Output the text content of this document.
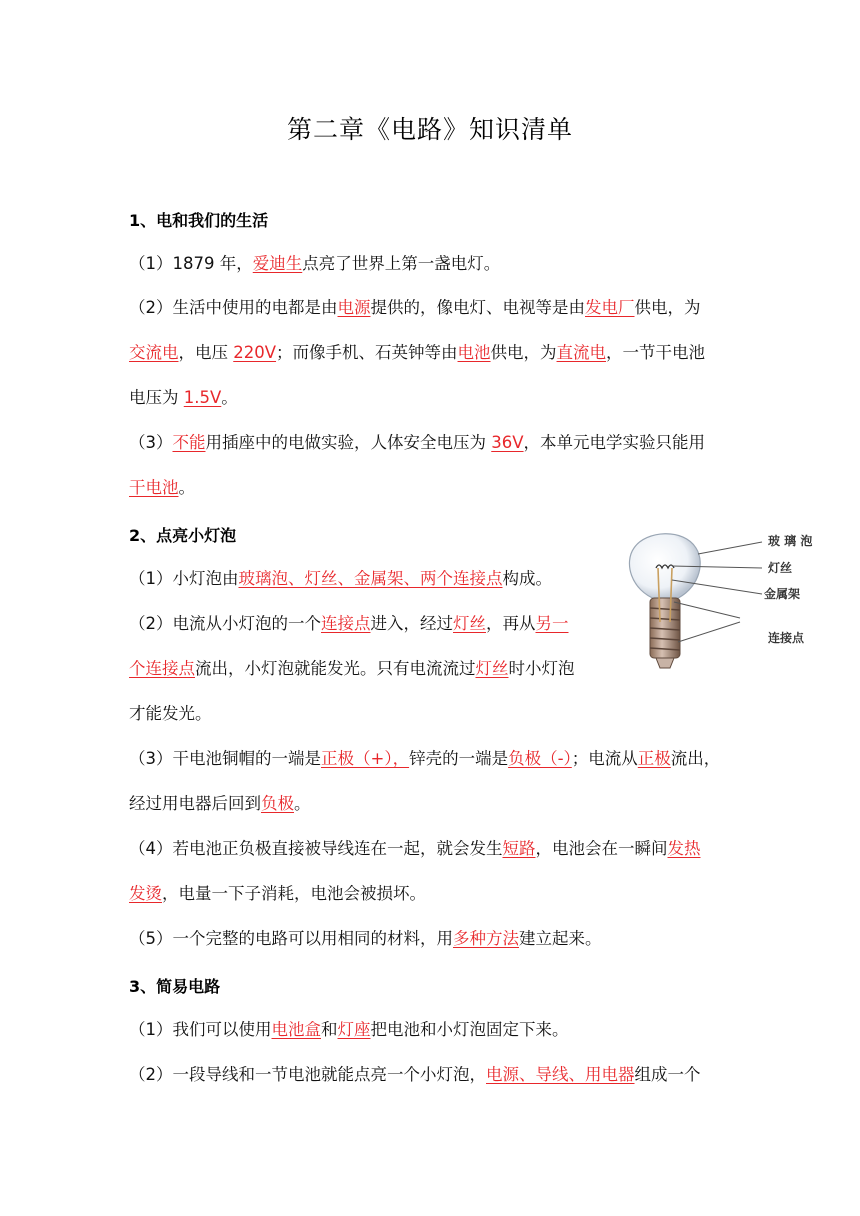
第二章《电路》知识清单
1、电和我们的生活
（1）1879 年，爱迪生点亮了世界上第一盏电灯。
（2）生活中使用的电都是由电源提供的，像电灯、电视等是由发电厂供电，为
交流电，电压 220V；而像手机、石英钟等由电池供电，为直流电，一节干电池
电压为 1.5V。
（3）不能用插座中的电做实验，人体安全电压为 36V，本单元电学实验只能用
干电池。
2、点亮小灯泡
（1）小灯泡由玻璃泡、灯丝、金属架、两个连接点构成。
（2）电流从小灯泡的一个连接点进入，经过灯丝，再从另一
个连接点流出，小灯泡就能发光。只有电流流过灯丝时小灯泡
才能发光。
玻 璃 泡
灯丝
金属架
连接点
（3）干电池铜帽的一端是正极（+），锌壳的一端是负极（-）；电流从正极流出，
经过用电器后回到负极。
（4）若电池正负极直接被导线连在一起，就会发生短路，电池会在一瞬间发热
发烫，电量一下子消耗，电池会被损坏。
（5）一个完整的电路可以用相同的材料，用多种方法建立起来。
3、简易电路
（1）我们可以使用电池盒和灯座把电池和小灯泡固定下来。
（2）一段导线和一节电池就能点亮一个小灯泡，电源、导线、用电器组成一个
